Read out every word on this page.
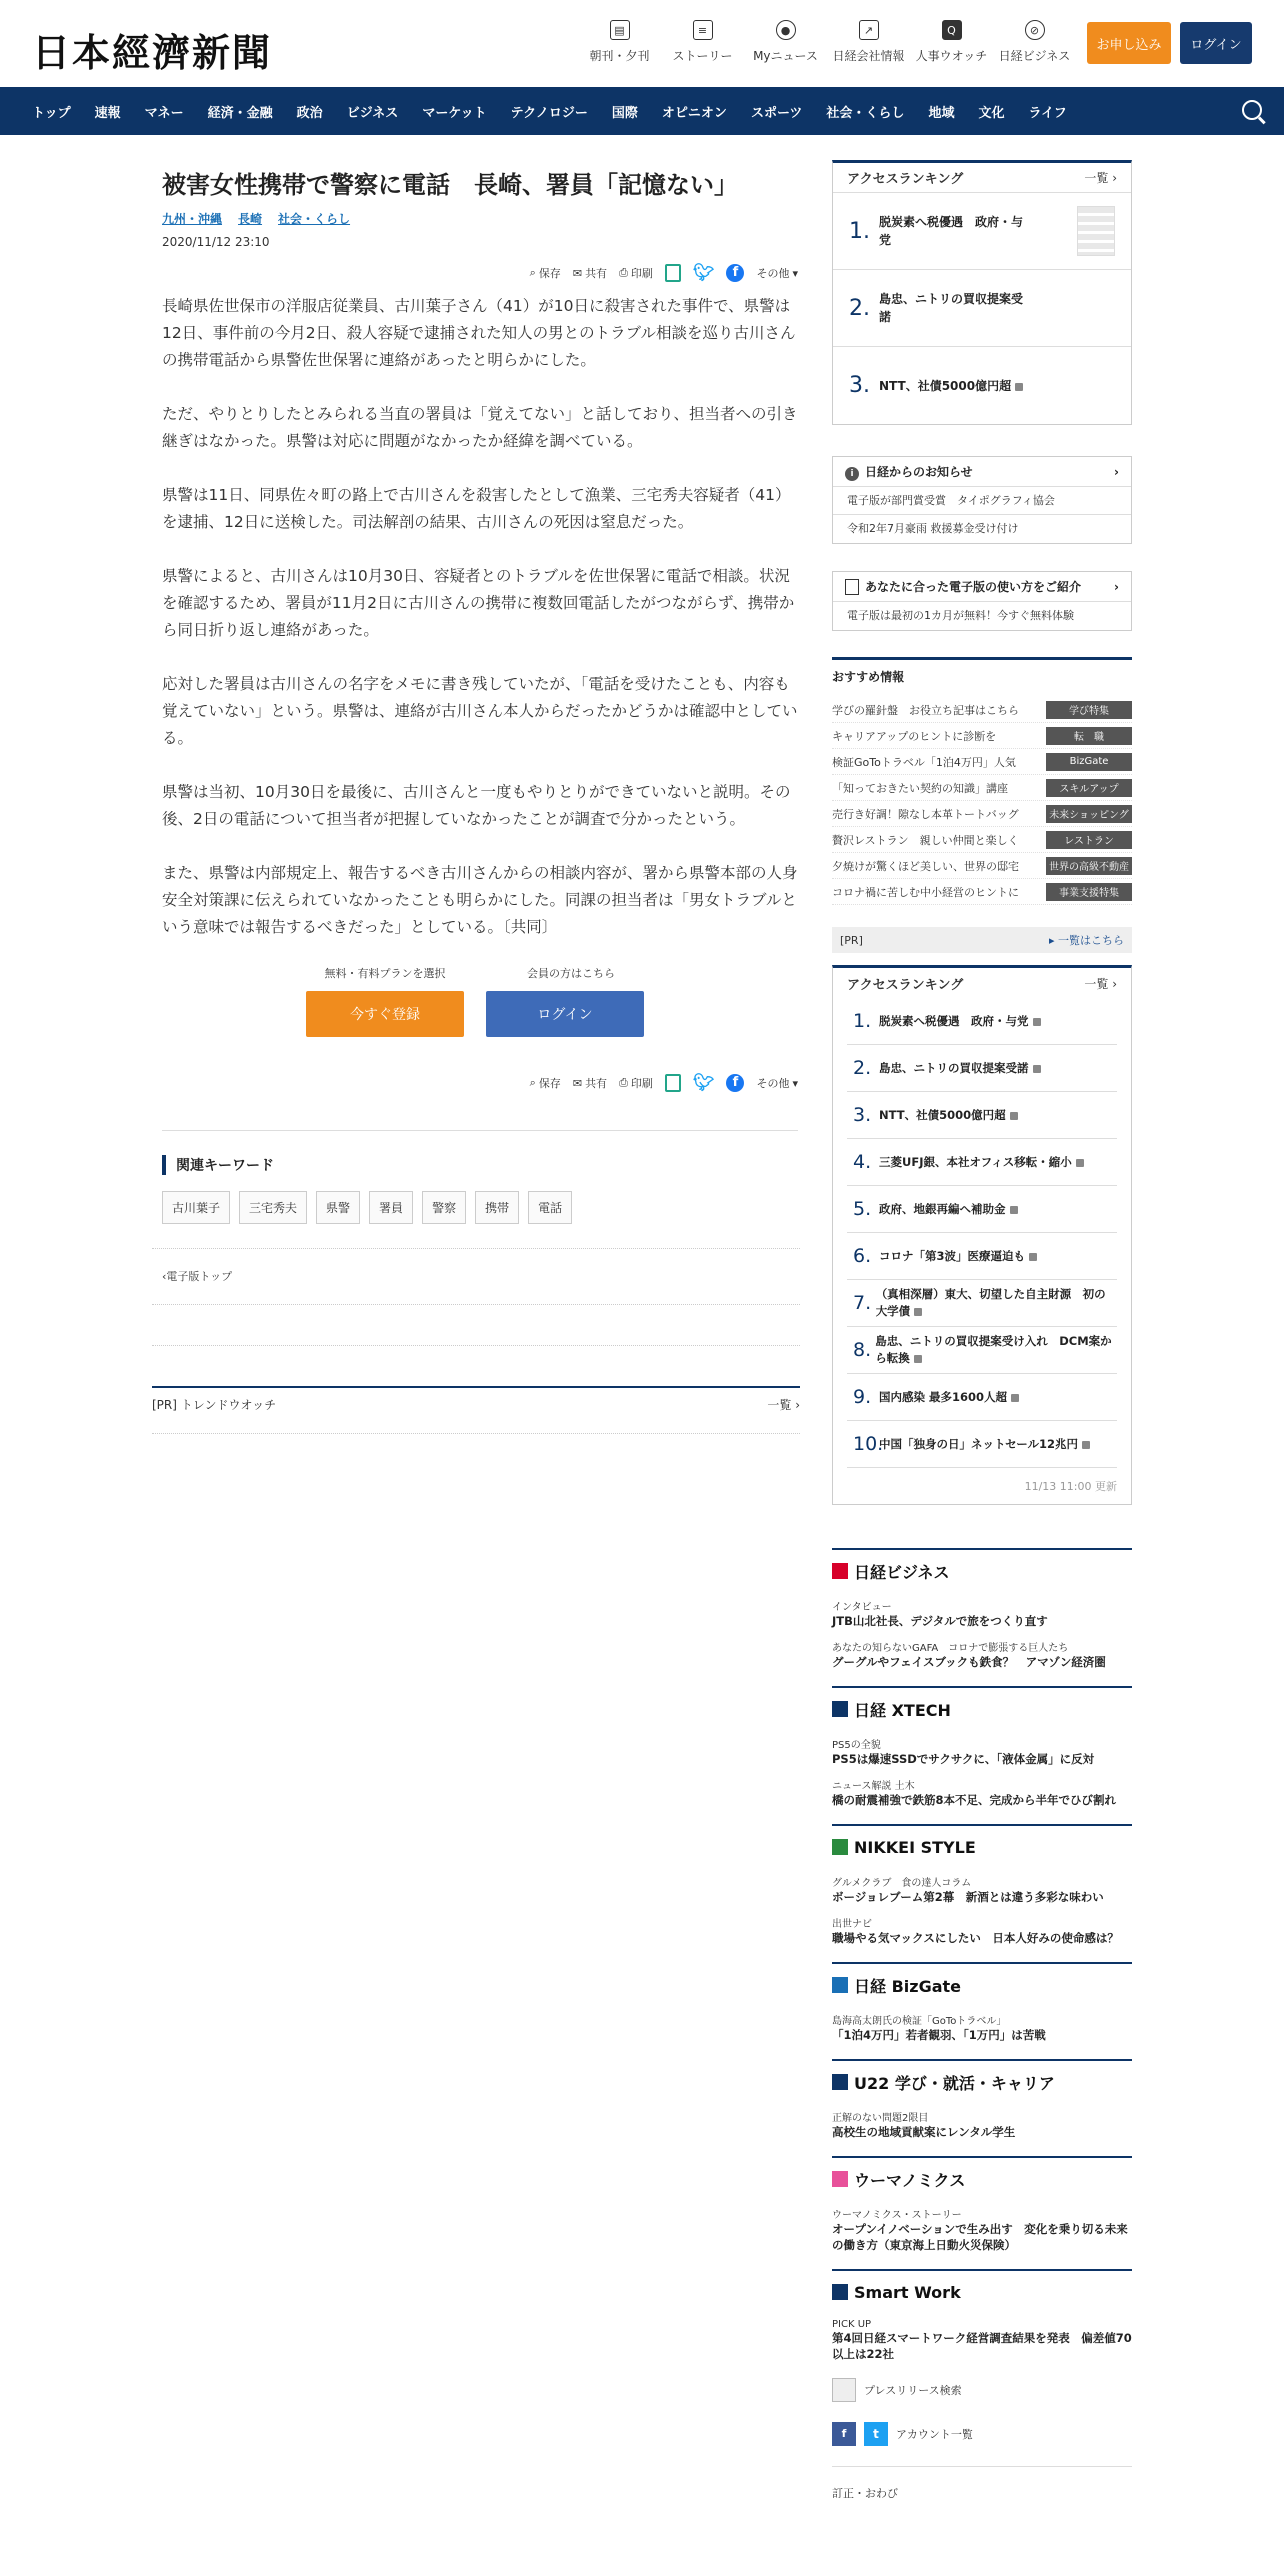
日本經濟新聞	▤
朝刊・夕刊
≡
ストーリー
●
Myニュース
↗
日経会社情報
Q
人事ウオッチ
⊘
日経ビジネス
お申し込み	ログイン
トップ	速報	マネー	経済・金融	政治	ビジネス	マーケット	テクノロジー	国際	オピニオン	スポーツ	社会・くらし	地域	文化	ライフ
被害女性携帯で警察に電話　長崎、署員「記憶ない」
九州・沖縄 長崎 社会・くらし
2020/11/12 23:10
⌕ 保存 ✉ 共有 ⎙ 印刷 🐦︎	f	その他 ▾

長崎県佐世保市の洋服店従業員、古川葉子さん（41）が10日に殺害された事件で、県警は12日、事件前の今月2日、殺人容疑で逮捕された知人の男とのトラブル相談を巡り古川さんの携帯電話から県警佐世保署に連絡があったと明らかにした。

ただ、やりとりしたとみられる当直の署員は「覚えてない」と話しており、担当者への引き継ぎはなかった。県警は対応に問題がなかったか経緯を調べている。

県警は11日、同県佐々町の路上で古川さんを殺害したとして漁業、三宅秀夫容疑者（41）を逮捕、12日に送検した。司法解剖の結果、古川さんの死因は窒息だった。

県警によると、古川さんは10月30日、容疑者とのトラブルを佐世保署に電話で相談。状況を確認するため、署員が11月2日に古川さんの携帯に複数回電話したがつながらず、携帯から同日折り返し連絡があった。

応対した署員は古川さんの名字をメモに書き残していたが、「電話を受けたことも、内容も覚えていない」という。県警は、連絡が古川さん本人からだったかどうかは確認中としている。

県警は当初、10月30日を最後に、古川さんと一度もやりとりができていないと説明。その後、2日の電話について担当者が把握していなかったことが調査で分かったという。

また、県警は内部規定上、報告するべき古川さんからの相談内容が、署から県警本部の人身安全対策課に伝えられていなかったことも明らかにした。同課の担当者は「男女トラブルという意味では報告するべきだった」としている。〔共同〕

無料・有料プランを選択	会員の方はこちら
今すぐ登録	ログイン
⌕ 保存 ✉ 共有 ⎙ 印刷 🐦︎	f	その他 ▾
関連キーワード
古川葉子	三宅秀夫	県警	署員	警察	携帯	電話
‹電子版トップ
[PR] トレンドウオッチ	一覧 ›
アクセスランキング	一覧 ›
1. 脱炭素へ税優遇　政府・与党
2. 島忠、ニトリの買収提案受諾
3. NTT、社債5000億円超
i 日経からのお知らせ	›
電子版が部門賞受賞　タイポグラフィ協会
令和2年7月豪雨 救援募金受け付け
あなたに合った電子版の使い方をご紹介	›
電子版は最初の1カ月が無料！今すぐ無料体験
おすすめ情報
学びの羅針盤　お役立ち記事はこちら	学び特集
キャリアアップのヒントに診断を	転　職
検証GoToトラベル「1泊4万円」人気	BizGate
「知っておきたい契約の知識」講座	スキルアップ
売行き好調！隙なし本革トートバッグ	未来ショッピング
贅沢レストラン　親しい仲間と楽しく	レストラン
夕焼けが驚くほど美しい、世界の邸宅	世界の高級不動産
コロナ禍に苦しむ中小経営のヒントに	事業支援特集
[PR]	▸ 一覧はこちら
アクセスランキング	一覧 ›
1. 脱炭素へ税優遇　政府・与党
2. 島忠、ニトリの買収提案受諾
3. NTT、社債5000億円超
4. 三菱UFJ銀、本社オフィス移転・縮小
5. 政府、地銀再編へ補助金
6. コロナ「第3波」医療逼迫も
7. （真相深層）東大、切望した自主財源　初の大学債
8. 島忠、ニトリの買収提案受け入れ　DCM案から転換
9. 国内感染 最多1600人超
10.
中国「独身の日」ネットセール12兆円
11/13 11:00 更新
日経ビジネス
インタビュー
JTB山北社長、デジタルで旅をつくり直す
あなたの知らないGAFA　コロナで膨張する巨人たち
グーグルやフェイスブックも鉄食？　アマゾン経済圏
日経 XTECH
PS5の全貌
PS5は爆速SSDでサクサクに、「液体金属」に反対
ニュース解説 土木
橋の耐震補強で鉄筋8本不足、完成から半年でひび割れ
NIKKEI STYLE
グルメクラブ　食の達人コラム
ボージョレブーム第2幕　新酒とは違う多彩な味わい
出世ナビ
職場やる気マックスにしたい　日本人好みの使命感は？
日経 BizGate
島海高太朗氏の検証「GoToトラベル」
「1泊4万円」若者観羽、「1万円」は苦戦
U22 学び・就活・キャリア
正解のない問題2限目
高校生の地域貢献案にレンタル学生
ウーマノミクス
ウーマノミクス・ストーリー
オープンイノベーションで生み出す　変化を乗り切る未来の働き方（東京海上日動火災保険）
Smart Work
PICK UP
第4回日経スマートワーク経営調査結果を発表　偏差値70以上は22社
プレスリリース検索
f	t	アカウント一覧
訂正・おわび
